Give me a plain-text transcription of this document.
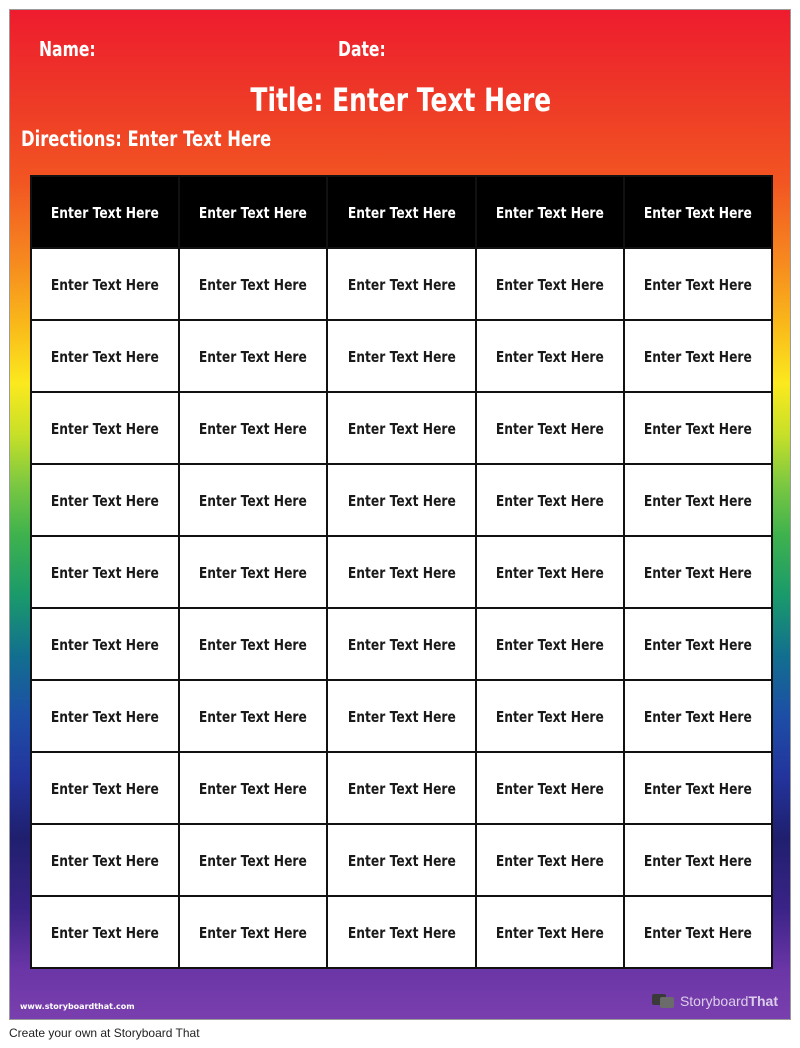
Name:	Date:
Title: Enter Text Here
Directions: Enter Text Here
Enter Text Here	Enter Text Here	Enter Text Here	Enter Text Here	Enter Text Here
Enter Text Here	Enter Text Here	Enter Text Here	Enter Text Here	Enter Text Here
Enter Text Here	Enter Text Here	Enter Text Here	Enter Text Here	Enter Text Here
Enter Text Here	Enter Text Here	Enter Text Here	Enter Text Here	Enter Text Here
Enter Text Here	Enter Text Here	Enter Text Here	Enter Text Here	Enter Text Here
Enter Text Here	Enter Text Here	Enter Text Here	Enter Text Here	Enter Text Here
Enter Text Here	Enter Text Here	Enter Text Here	Enter Text Here	Enter Text Here
Enter Text Here	Enter Text Here	Enter Text Here	Enter Text Here	Enter Text Here
Enter Text Here	Enter Text Here	Enter Text Here	Enter Text Here	Enter Text Here
Enter Text Here	Enter Text Here	Enter Text Here	Enter Text Here	Enter Text Here
Enter Text Here	Enter Text Here	Enter Text Here	Enter Text Here	Enter Text Here
www.storyboardthat.com	StoryboardThat
Create your own at Storyboard That
